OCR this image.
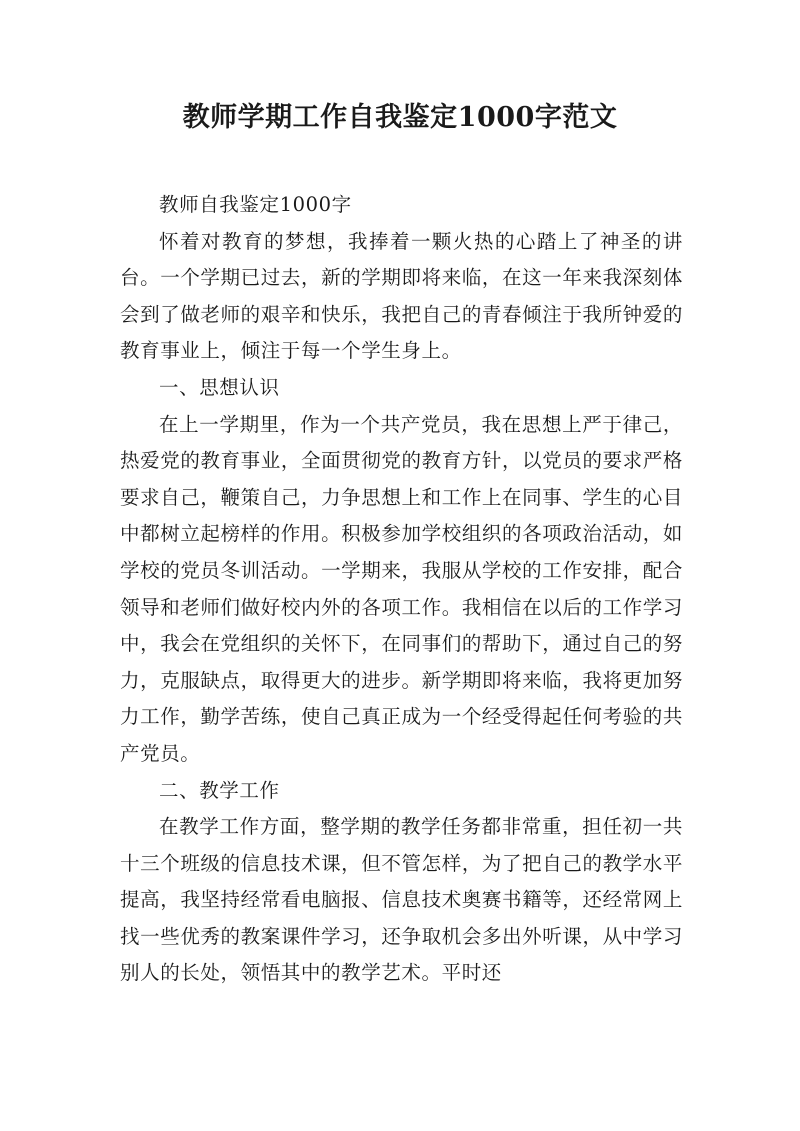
教师学期工作自我鉴定1000字范文

教师自我鉴定1000字

怀着对教育的梦想，我捧着一颗火热的心踏上了神圣的讲台。一个学期已过去，新的学期即将来临，在这一年来我深刻体会到了做老师的艰辛和快乐，我把自己的青春倾注于我所钟爱的教育事业上，倾注于每一个学生身上。

一、思想认识

在上一学期里，作为一个共产党员，我在思想上严于律己，热爱党的教育事业，全面贯彻党的教育方针，以党员的要求严格要求自己，鞭策自己，力争思想上和工作上在同事、学生的心目中都树立起榜样的作用。积极参加学校组织的各项政治活动，如学校的党员冬训活动。一学期来，我服从学校的工作安排，配合领导和老师们做好校内外的各项工作。我相信在以后的工作学习中，我会在党组织的关怀下，在同事们的帮助下，通过自己的努力，克服缺点，取得更大的进步。新学期即将来临，我将更加努力工作，勤学苦练，使自己真正成为一个经受得起任何考验的共产党员。

二、教学工作

在教学工作方面，整学期的教学任务都非常重，担任初一共十三个班级的信息技术课，但不管怎样，为了把自己的教学水平提高，我坚持经常看电脑报、信息技术奥赛书籍等，还经常网上找一些优秀的教案课件学习，还争取机会多出外听课，从中学习别人的长处，领悟其中的教学艺术。平时还
